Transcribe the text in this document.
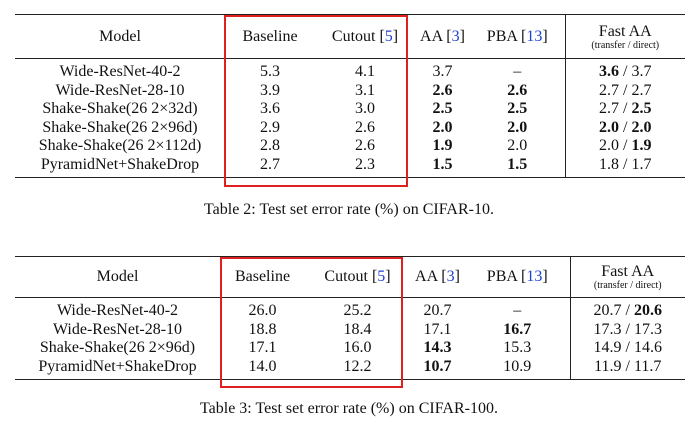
Model	Baseline	Cutout [5]	AA [3]	PBA [13]	Fast AA
(transfer / direct)

Wide-ResNet-40-2	5.3	4.1	3.7	–	3.6 / 3.7
Wide-ResNet-28-10	3.9	3.1	2.6	2.6	2.7 / 2.7
Shake-Shake(26 2×32d)	3.6	3.0	2.5	2.5	2.7 / 2.5
Shake-Shake(26 2×96d)	2.9	2.6	2.0	2.0	2.0 / 2.0
Shake-Shake(26 2×112d)	2.8	2.6	1.9	2.0	2.0 / 1.9
PyramidNet+ShakeDrop	2.7	2.3	1.5	1.5	1.8 / 1.7
Table 2: Test set error rate (%) on CIFAR-10.
Model	Baseline	Cutout [5]	AA [3]	PBA [13]	Fast AA
(transfer / direct)

Wide-ResNet-40-2	26.0	25.2	20.7	–	20.7 / 20.6
Wide-ResNet-28-10	18.8	18.4	17.1	16.7	17.3 / 17.3
Shake-Shake(26 2×96d)	17.1	16.0	14.3	15.3	14.9 / 14.6
PyramidNet+ShakeDrop	14.0	12.2	10.7	10.9	11.9 / 11.7
Table 3: Test set error rate (%) on CIFAR-100.
